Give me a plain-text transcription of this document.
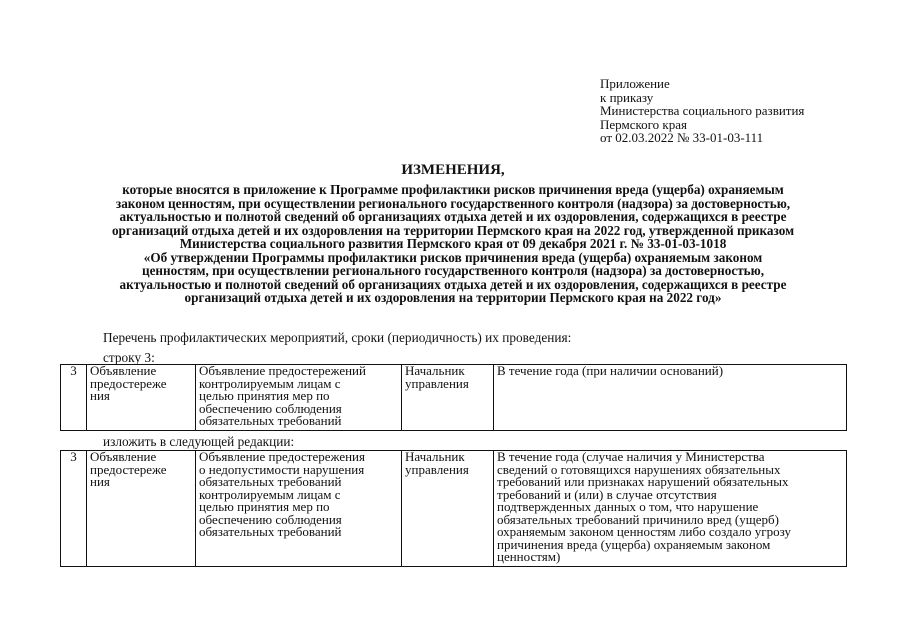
Приложение
к приказу
Министерства социального развития
Пермского края
от 02.03.2022 № 33-01-03-111
ИЗМЕНЕНИЯ,
которые вносятся в приложение к Программе профилактики рисков причинения вреда (ущерба) охраняемым
законом ценностям, при осуществлении регионального государственного контроля (надзора) за достоверностью,
актуальностью и полнотой сведений об организациях отдыха детей и их оздоровления, содержащихся в реестре
организаций отдыха детей и их оздоровления на территории Пермского края на 2022 год, утвержденной приказом
Министерства социального развития Пермского края от 09 декабря 2021 г. № 33-01-03-1018
«Об утверждении Программы профилактики рисков причинения вреда (ущерба) охраняемым законом
ценностям, при осуществлении регионального государственного контроля (надзора) за достоверностью,
актуальностью и полнотой сведений об организациях отдыха детей и их оздоровления, содержащихся в реестре
организаций отдыха детей и их оздоровления на территории Пермского края на 2022 год»
Перечень профилактических мероприятий, сроки (периодичность) их проведения:
строку 3:
3	Объявление
предостереже
ния

Объявление предостережений
контролируемым лицам с
целью принятия мер по
обеспечению соблюдения
обязательных требований

Начальник
управления

В течение года (при наличии оснований)
изложить в следующей редакции:
3	Объявление
предостереже
ния

Объявление предостережения
о недопустимости нарушения
обязательных требований
контролируемым лицам с
целью принятия мер по
обеспечению соблюдения
обязательных требований

Начальник
управления

В течение года (случае наличия у Министерства
сведений о готовящихся нарушениях обязательных
требований или признаках нарушений обязательных
требований и (или) в случае отсутствия
подтвержденных данных о том, что нарушение
обязательных требований причинило вред (ущерб)
охраняемым законом ценностям либо создало угрозу
причинения вреда (ущерба) охраняемым законом
ценностям)
